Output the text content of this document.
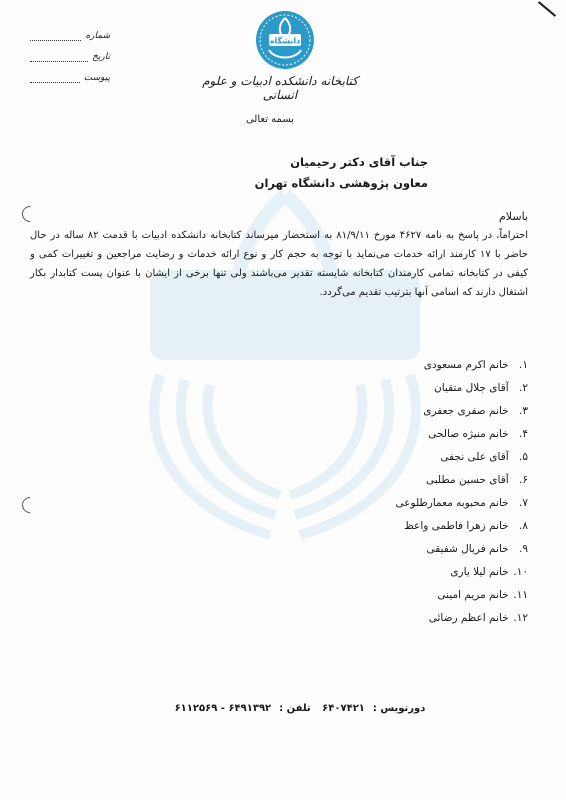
شماره
تاریخ
پیوست
دانشگاه
کتابخانه دانشکده ادبیات و علوم انسانی
بسمه تعالی
جناب آقای دکتر رحیمیان
معاون پژوهشی دانشگاه تهران
باسلام
احتراماً، در پاسخ به نامه ۴۶۲۷ مورخ ۸۱/۹/۱۱ به استحضار میرساند کتابخانه دانشکده ادبیات با قدمت ۸۲ ساله در حال حاضر با ۱۷ کارمند ارائه خدمات می‌نماید با توجه به حجم کار و نوع ارائه خدمات و رضایت مراجعین و تغییرات کمی و کیفی در کتابخانه تمامی کارمندان کتابخانه شایسته تقدیر می‌باشند ولی تنها برخی از ایشان با عنوان پست کتابدار بکار اشتغال دارند که اسامی آنها بترتیب تقدیم می‌گردد.
۱. خانم اکرم مسعودی
۲. آقای جلال متقیان
۳. خانم صفری جعفری
۴. خانم منیژه صالحی
۵. آقای علی نجفی
۶. آقای حسین مطلبی
۷. خانم محبوبه معمارطلوعی
۸. خانم زهرا فاطمی واعظ
۹. خانم فریال شفیقی
۱۰. خانم لیلا یاری
۱۱. خانم مریم امینی
۱۲. خانم اعظم رضائی
دورنویس :۶۴۰۷۴۲۱ تلفن :۶۴۹۱۳۹۲ - ۶۱۱۲۵۶۹
